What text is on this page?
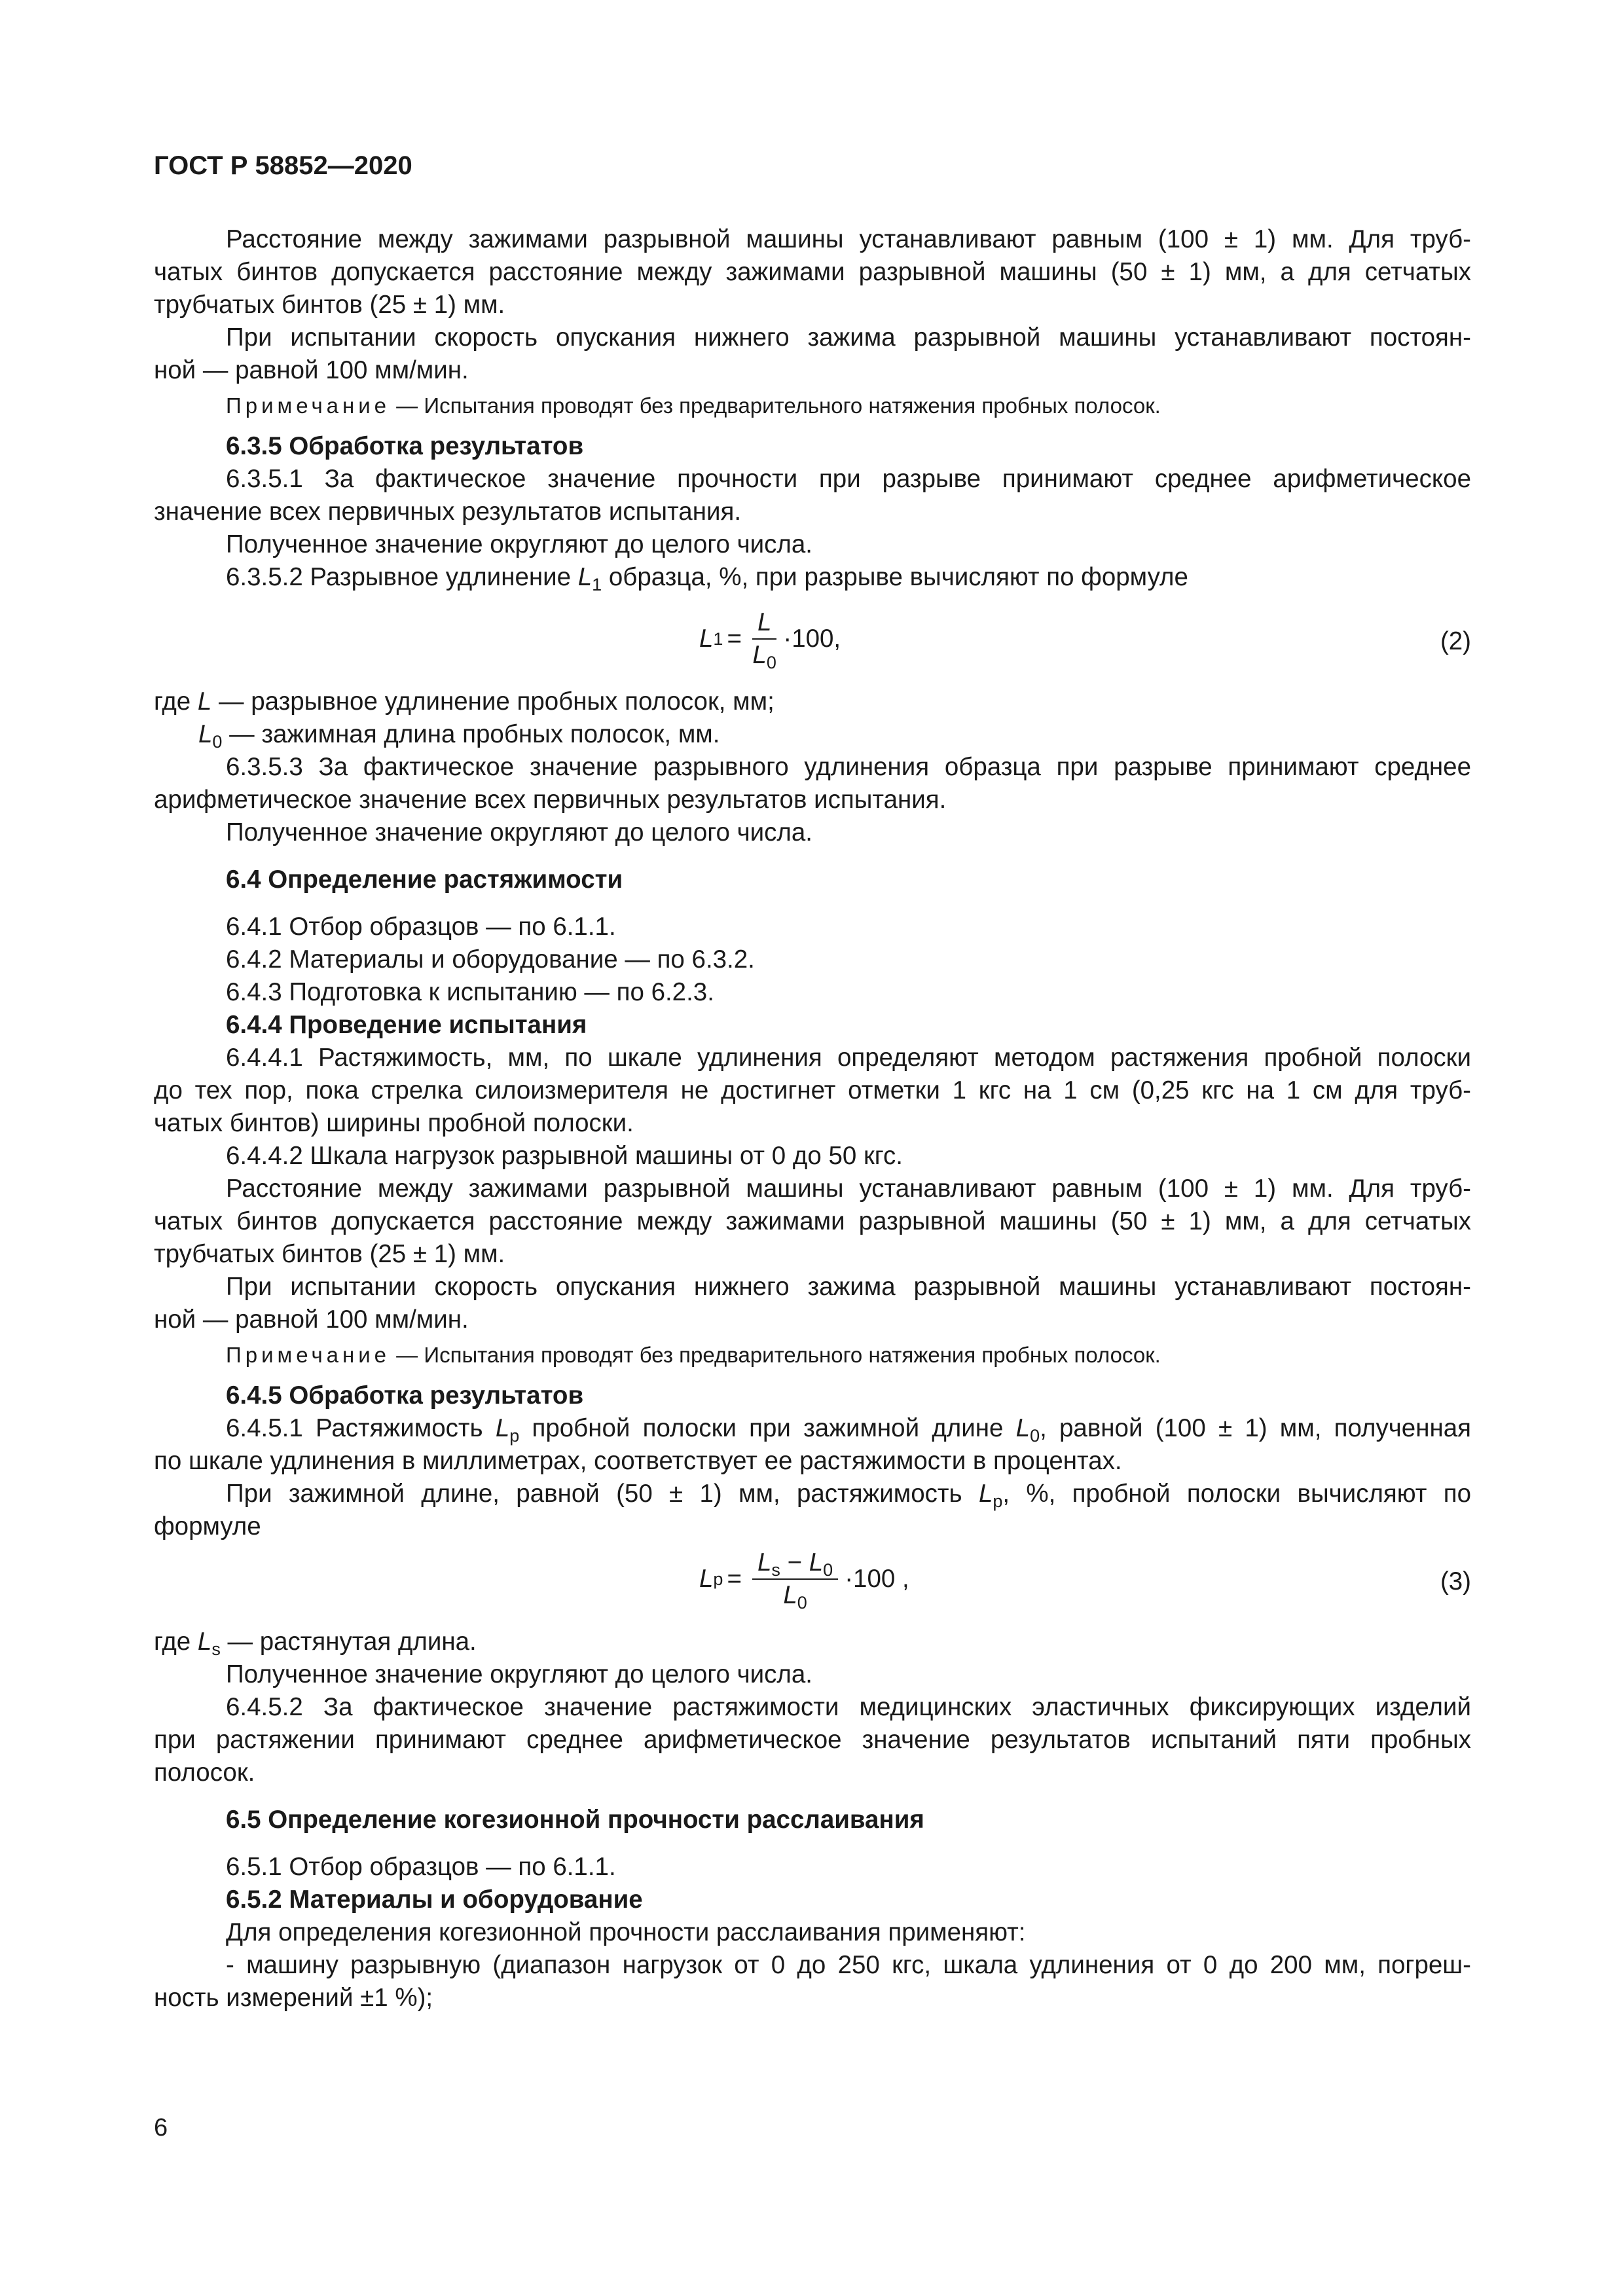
ГОСТ Р 58852—2020

Расстояние между зажимами разрывной машины устанавливают равным (100 ± 1) мм. Для труб-

чатых бинтов допускается расстояние между зажимами разрывной машины (50 ± 1) мм, а для сетчатых

трубчатых бинтов (25 ± 1) мм.

При испытании скорость опускания нижнего зажима разрывной машины устанавливают постоян-

ной — равной 100 мм/мин.

Примечание — Испытания проводят без предварительного натяжения пробных полосок.

6.3.5 Обработка результатов

6.3.5.1 За фактическое значение прочности при разрыве принимают среднее арифметическое

значение всех первичных результатов испытания.

Полученное значение округляют до целого числа.

6.3.5.2 Разрывное удлинение $L_1$ образца, %, при разрыве вычисляют по формуле

L $1 = \frac{L}{L_0} \cdot 100$,	(2)

где L — разрывное удлинение пробных полосок, мм;

$L_0$ — зажимная длина пробных полосок, мм.

6.3.5.3 За фактическое значение разрывного удлинения образца при разрыве принимают среднее

арифметическое значение всех первичных результатов испытания.

Полученное значение округляют до целого числа.

6.4 Определение растяжимости

6.4.1 Отбор образцов — по 6.1.1.

6.4.2 Материалы и оборудование — по 6.3.2.

6.4.3 Подготовка к испытанию — по 6.2.3.

6.4.4 Проведение испытания

6.4.4.1 Растяжимость, мм, по шкале удлинения определяют методом растяжения пробной полоски

до тех пор, пока стрелка силоизмерителя не достигнет отметки 1 кгс на 1 см (0,25 кгс на 1 см для труб-

чатых бинтов) ширины пробной полоски.

6.4.4.2 Шкала нагрузок разрывной машины от 0 до 50 кгс.

Расстояние между зажимами разрывной машины устанавливают равным (100 ± 1) мм. Для труб-

чатых бинтов допускается расстояние между зажимами разрывной машины (50 ± 1) мм, а для сетчатых

трубчатых бинтов (25 ± 1) мм.

При испытании скорость опускания нижнего зажима разрывной машины устанавливают постоян-

ной — равной 100 мм/мин.

Примечание — Испытания проводят без предварительного натяжения пробных полосок.

6.4.5 Обработка результатов

6.4.5.1 Растяжимость $L_p$ пробной полоски при зажимной длине $L_0$, равной (100 ± 1) мм, полученная

по шкале удлинения в миллиметрах, соответствует ее растяжимости в процентах.

При зажимной длине, равной (50 ± 1) мм, растяжимость $L_p$, %, пробной полоски вычисляют по

формуле

L $p = \frac{L_s - L_0}{L_0} \cdot 100$ ,	(3)

где $L_s$ — растянутая длина.

Полученное значение округляют до целого числа.

6.4.5.2 За фактическое значение растяжимости медицинских эластичных фиксирующих изделий

при растяжении принимают среднее арифметическое значение результатов испытаний пяти пробных

полосок.

6.5 Определение когезионной прочности расслаивания

6.5.1 Отбор образцов — по 6.1.1.

6.5.2 Материалы и оборудование

Для определения когезионной прочности расслаивания применяют:

- машину разрывную (диапазон нагрузок от 0 до 250 кгс, шкала удлинения от 0 до 200 мм, погреш-

ность измерений ±1 %);

6
